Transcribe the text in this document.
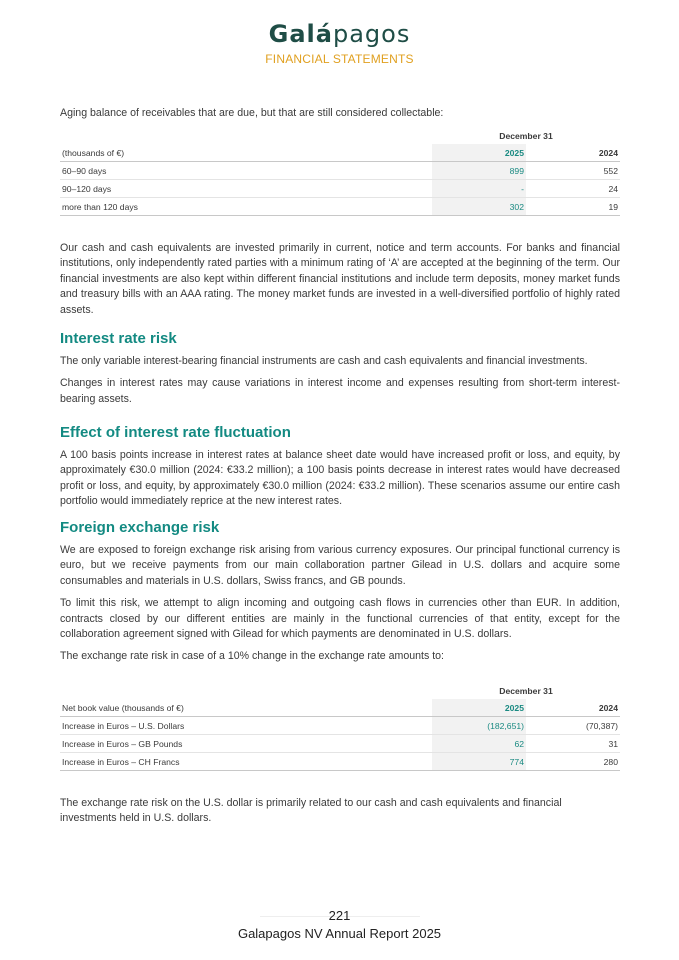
Galápagos
FINANCIAL STATEMENTS

Aging balance of receivables that are due, but that are still considered collectable:

	December 31	
(thousands of €)	2025	2024
60–90 days	899	552
90–120 days	-	24
more than 120 days	302	19

Our cash and cash equivalents are invested primarily in current, notice and term accounts. For banks and financial institutions, only independently rated parties with a minimum rating of ‘A’ are accepted at the beginning of the term. Our financial investments are also kept within different financial institutions and include term deposits, money market funds and treasury bills with an AAA rating. The money market funds are invested in a well-diversified portfolio of highly rated assets.

Interest rate risk

The only variable interest-bearing financial instruments are cash and cash equivalents and financial investments.

Changes in interest rates may cause variations in interest income and expenses resulting from short-term interest-bearing assets.

Effect of interest rate fluctuation

A 100 basis points increase in interest rates at balance sheet date would have increased profit or loss, and equity, by approximately €30.0 million (2024: €33.2 million); a 100 basis points decrease in interest rates would have decreased profit or loss, and equity, by approximately €30.0 million (2024: €33.2 million). These scenarios assume our entire cash portfolio would immediately reprice at the new interest rates.

Foreign exchange risk

We are exposed to foreign exchange risk arising from various currency exposures. Our principal functional currency is euro, but we receive payments from our main collaboration partner Gilead in U.S. dollars and acquire some consumables and materials in U.S. dollars, Swiss francs, and GB pounds.

To limit this risk, we attempt to align incoming and outgoing cash flows in currencies other than EUR. In addition, contracts closed by our different entities are mainly in the functional currencies of that entity, except for the collaboration agreement signed with Gilead for which payments are denominated in U.S. dollars.

The exchange rate risk in case of a 10% change in the exchange rate amounts to:

	December 31	
Net book value (thousands of €)	2025	2024
Increase in Euros – U.S. Dollars	(182,651)	(70,387)
Increase in Euros – GB Pounds	62	31
Increase in Euros – CH Francs	774	280

The exchange rate risk on the U.S. dollar is primarily related to our cash and cash equivalents and financial investments held in U.S. dollars.

221
Galapagos NV Annual Report 2025
